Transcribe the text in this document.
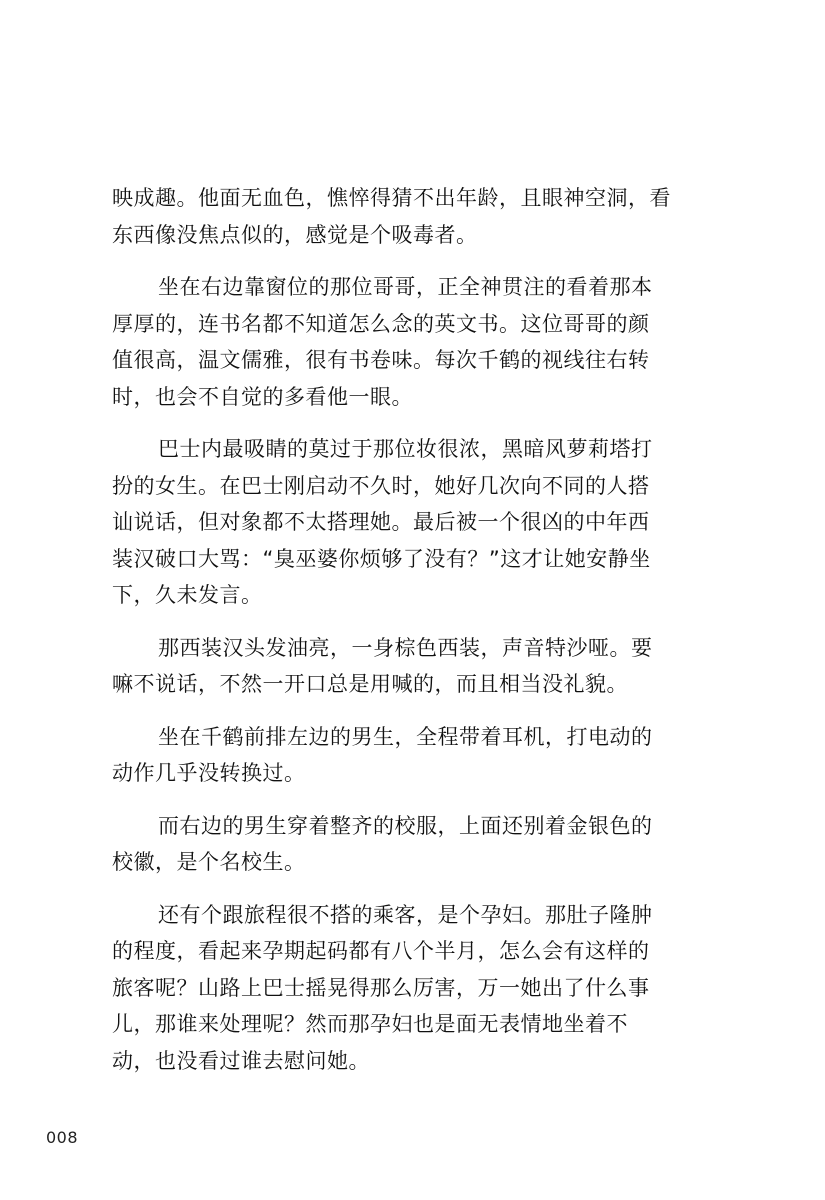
映成趣。他面无血色，憔悴得猜不出年龄，且眼神空洞，看
东西像没焦点似的，感觉是个吸毒者。

坐在右边靠窗位的那位哥哥，正全神贯注的看着那本
厚厚的，连书名都不知道怎么念的英文书。这位哥哥的颜
值很高，温文儒雅，很有书卷味。每次千鹤的视线往右转
时，也会不自觉的多看他一眼。

巴士内最吸睛的莫过于那位妆很浓，黑暗风萝莉塔打
扮的女生。在巴士刚启动不久时，她好几次向不同的人搭
讪说话，但对象都不太搭理她。最后被一个很凶的中年西
装汉破口大骂：“臭巫婆你烦够了没有？”这才让她安静坐
下，久未发言。

那西装汉头发油亮，一身棕色西装，声音特沙哑。要
嘛不说话，不然一开口总是用喊的，而且相当没礼貌。

坐在千鹤前排左边的男生，全程带着耳机，打电动的
动作几乎没转换过。

而右边的男生穿着整齐的校服，上面还别着金银色的
校徽，是个名校生。

还有个跟旅程很不搭的乘客，是个孕妇。那肚子隆肿
的程度，看起来孕期起码都有八个半月，怎么会有这样的
旅客呢？山路上巴士摇晃得那么厉害，万一她出了什么事
儿，那谁来处理呢？然而那孕妇也是面无表情地坐着不
动，也没看过谁去慰问她。

008
